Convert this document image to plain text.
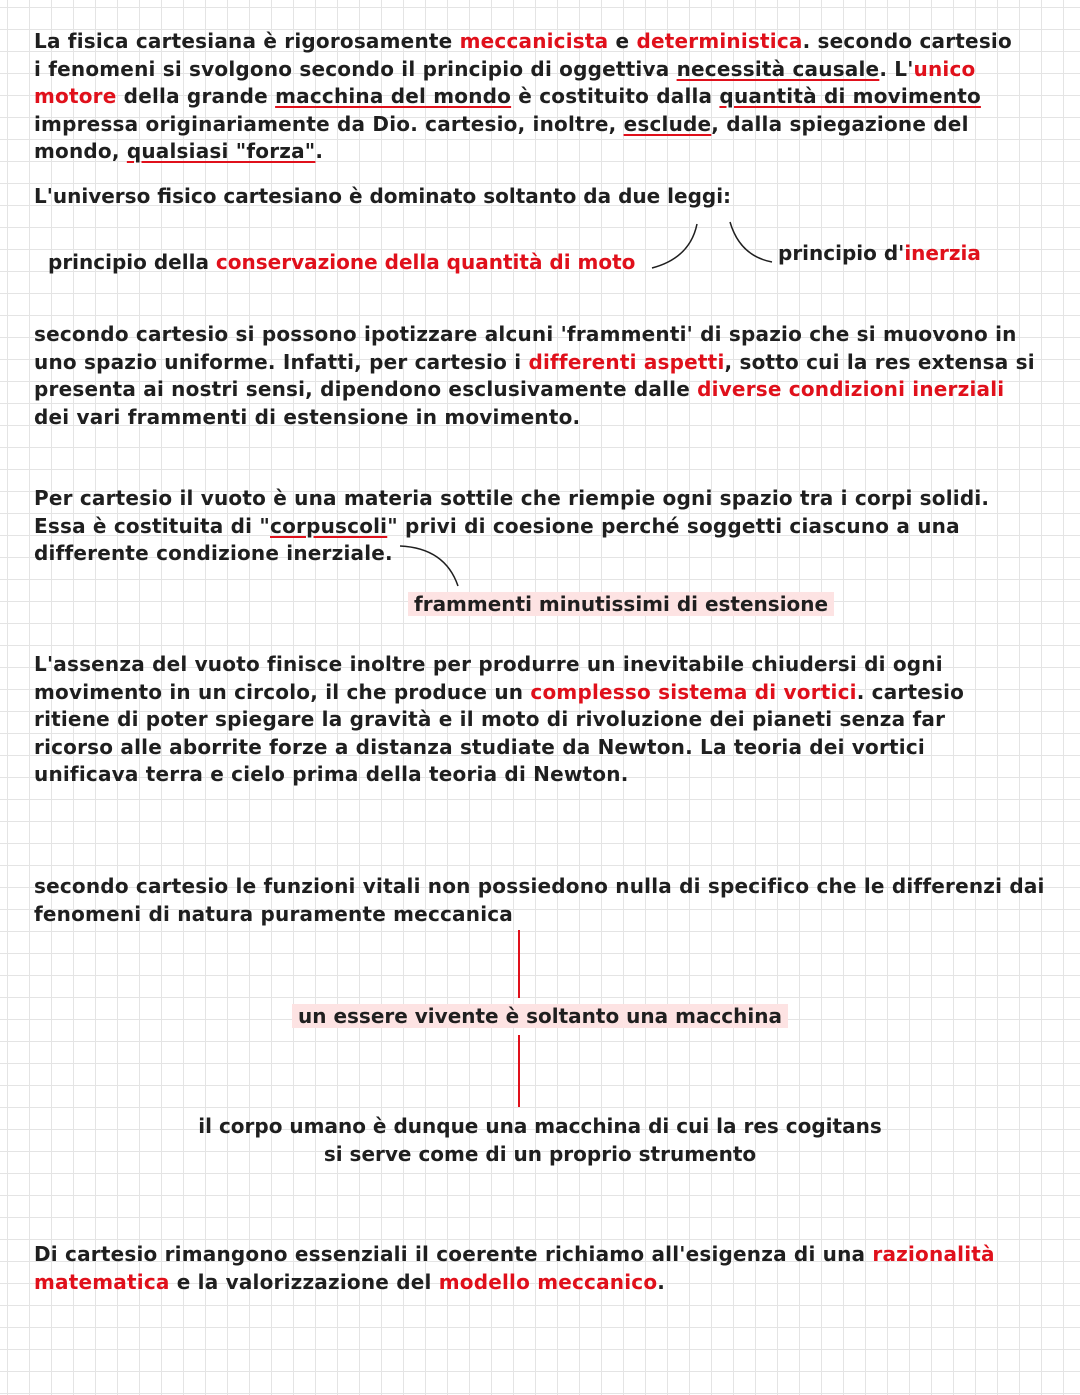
La fisica cartesiana è rigorosamente meccanicista e deterministica. secondo cartesio i fenomeni si svolgono secondo il principio di oggettiva necessità causale. L'unico motore della grande macchina del mondo è costituito dalla quantità di movimento impressa originariamente da Dio. cartesio, inoltre, esclude, dalla spiegazione del mondo, qualsiasi "forza".

L'universo fisico cartesiano è dominato soltanto da due leggi:

principio della conservazione della quantità di moto	principio d'inerzia

secondo cartesio si possono ipotizzare alcuni 'frammenti' di spazio che si muovono in uno spazio uniforme. Infatti, per cartesio i differenti aspetti, sotto cui la res extensa si presenta ai nostri sensi, dipendono esclusivamente dalle diverse condizioni inerziali dei vari frammenti di estensione in movimento.

Per cartesio il vuoto è una materia sottile che riempie ogni spazio tra i corpi solidi. Essa è costituita di "corpuscoli" privi di coesione perché soggetti ciascuno a una differente condizione inerziale.

frammenti minutissimi di estensione

L'assenza del vuoto finisce inoltre per produrre un inevitabile chiudersi di ogni movimento in un circolo, il che produce un complesso sistema di vortici. cartesio ritiene di poter spiegare la gravità e il moto di rivoluzione dei pianeti senza far ricorso alle aborrite forze a distanza studiate da Newton. La teoria dei vortici unificava terra e cielo prima della teoria di Newton.

secondo cartesio le funzioni vitali non possiedono nulla di specifico che le differenzi dai fenomeni di natura puramente meccanica

un essere vivente è soltanto una macchina

il corpo umano è dunque una macchina di cui la res cogitans
si serve come di un proprio strumento

Di cartesio rimangono essenziali il coerente richiamo all'esigenza di una razionalità matematica e la valorizzazione del modello meccanico.
